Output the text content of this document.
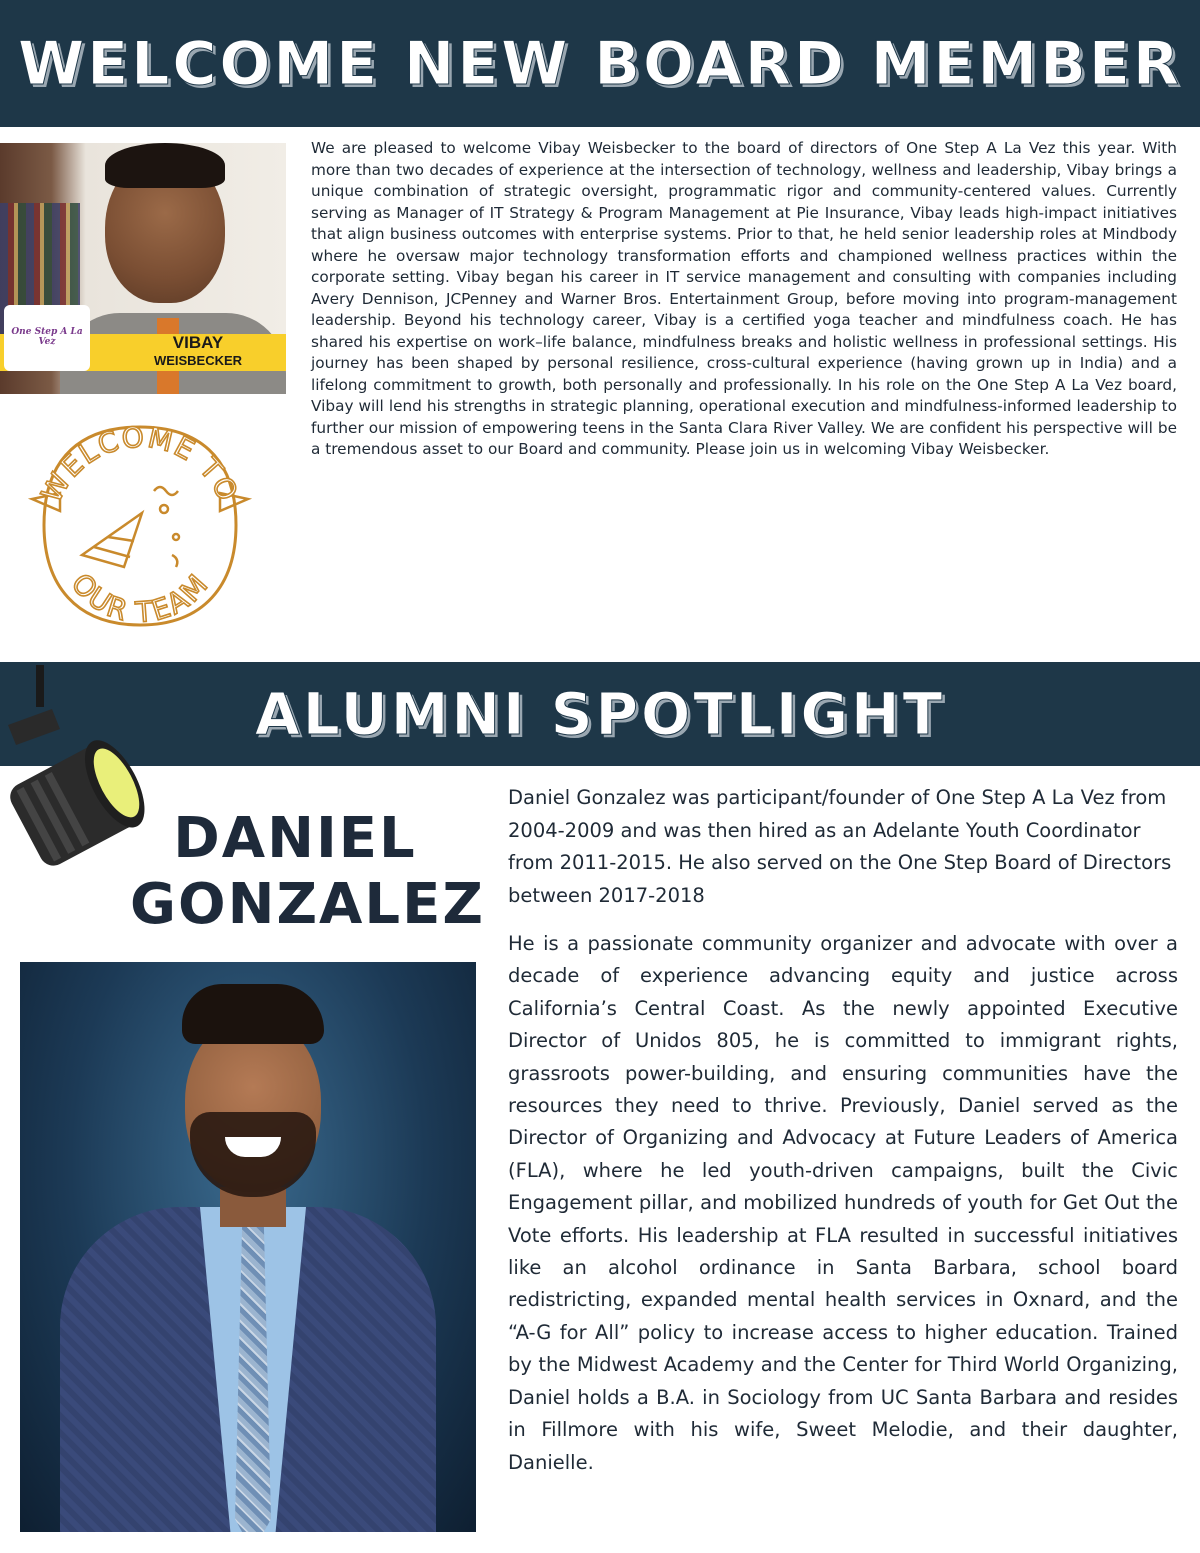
WELCOME NEW BOARD MEMBER
One Step A La Vez	VIBAY
WEISBECKER
WELCOME TO
OUR TEAM

We are pleased to welcome Vibay Weisbecker to the board of directors of One Step A La Vez this year. With more than two decades of experience at the intersection of technology, wellness and leadership, Vibay brings a unique combination of strategic oversight, programmatic rigor and community-centered values. Currently serving as Manager of IT Strategy & Program Management at Pie Insurance, Vibay leads high-impact initiatives that align business outcomes with enterprise systems. Prior to that, he held senior leadership roles at Mindbody where he oversaw major technology transformation efforts and championed wellness practices within the corporate setting. Vibay began his career in IT service management and consulting with companies including Avery Dennison, JCPenney and Warner Bros. Entertainment Group, before moving into program-management leadership. Beyond his technology career, Vibay is a certified yoga teacher and mindfulness coach. He has shared his expertise on work–life balance, mindfulness breaks and holistic wellness in professional settings. His journey has been shaped by personal resilience, cross-cultural experience (having grown up in India) and a lifelong commitment to growth, both personally and professionally. In his role on the One Step A La Vez board, Vibay will lend his strengths in strategic planning, operational execution and mindfulness-informed leadership to further our mission of empowering teens in the Santa Clara River Valley. We are confident his perspective will be a tremendous asset to our Board and community. Please join us in welcoming Vibay Weisbecker.

ALUMNI SPOTLIGHT
DANIEL
GONZALEZ

Daniel Gonzalez was participant/founder of One Step A La Vez from 2004-2009 and was then hired as an Adelante Youth Coordinator from 2011-2015. He also served on the One Step Board of Directors between 2017-2018

He is a passionate community organizer and advocate with over a decade of experience advancing equity and justice across California’s Central Coast. As the newly appointed Executive Director of Unidos 805, he is committed to immigrant rights, grassroots power-building, and ensuring communities have the resources they need to thrive. Previously, Daniel served as the Director of Organizing and Advocacy at Future Leaders of America (FLA), where he led youth-driven campaigns, built the Civic Engagement pillar, and mobilized hundreds of youth for Get Out the Vote efforts. His leadership at FLA resulted in successful initiatives like an alcohol ordinance in Santa Barbara, school board redistricting, expanded mental health services in Oxnard, and the “A-G for All” policy to increase access to higher education. Trained by the Midwest Academy and the Center for Third World Organizing, Daniel holds a B.A. in Sociology from UC Santa Barbara and resides in Fillmore with his wife, Sweet Melodie, and their daughter, Danielle.
